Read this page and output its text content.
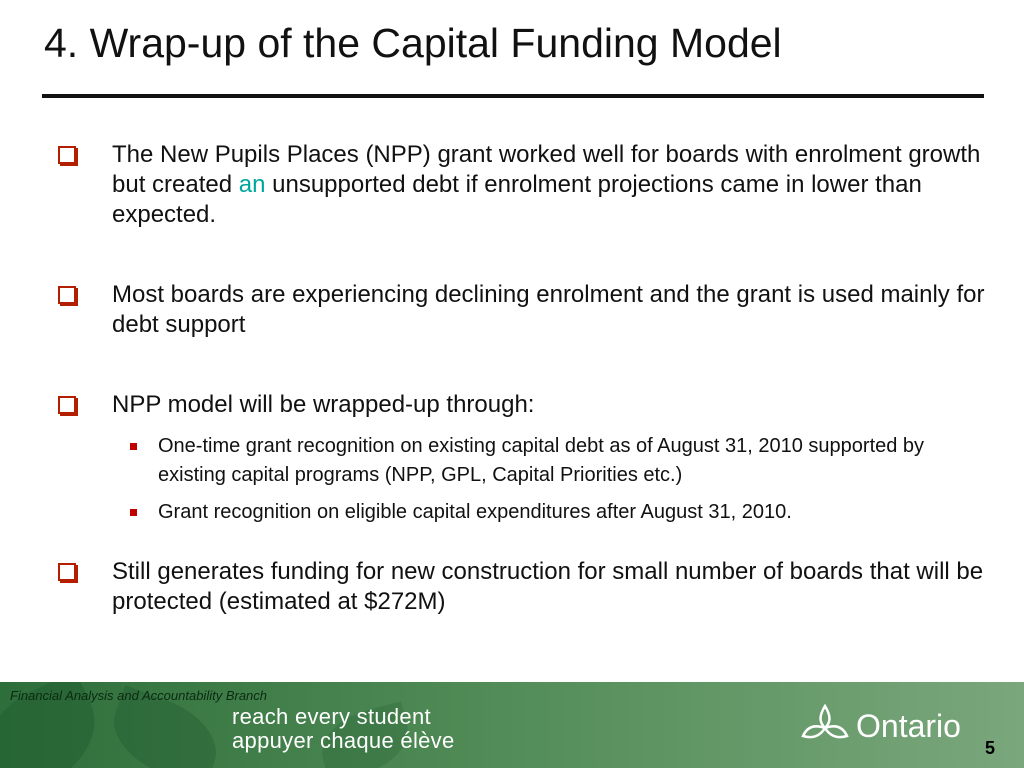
4. Wrap-up of the Capital Funding Model
The New Pupils Places (NPP) grant worked well for boards with enrolment growth but created an unsupported debt if enrolment projections came in lower than expected.
Most boards are experiencing declining enrolment and the grant is used mainly for debt support
NPP model will be wrapped-up through:
One-time grant recognition on existing capital debt as of August 31, 2010 supported by existing capital programs (NPP, GPL, Capital Priorities etc.)
Grant recognition on eligible capital expenditures after August 31, 2010.
Still generates funding for new construction for small number of boards that will be protected (estimated at $272M)
Financial Analysis and Accountability Branch
reach every student
appuyer chaque élève	Ontario
5
